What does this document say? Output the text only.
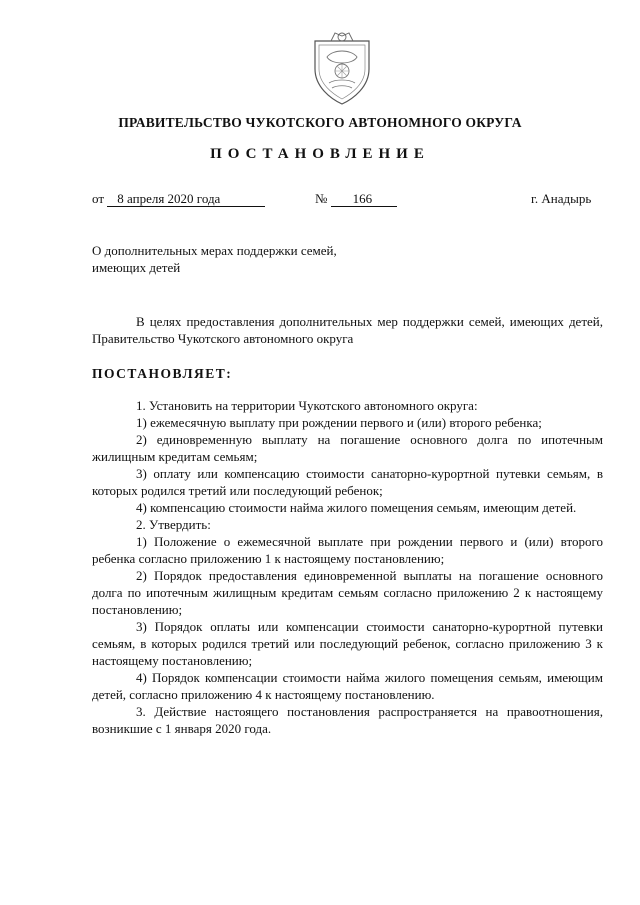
ПРАВИТЕЛЬСТВО ЧУКОТСКОГО АВТОНОМНОГО ОКРУГА
ПОСТАНОВЛЕНИЕ
от 8 апреля 2020 года	№ 166	г. Анадырь
О дополнительных мерах поддержки семей,
имеющих детей

В целях предоставления дополнительных мер поддержки семей, имеющих детей, Правительство Чукотского автономного округа

ПОСТАНОВЛЯЕТ:

1. Установить на территории Чукотского автономного округа:

1) ежемесячную выплату при рождении первого и (или) второго ребенка;

2) единовременную выплату на погашение основного долга по ипотечным жилищным кредитам семьям;

3) оплату или компенсацию стоимости санаторно-курортной путевки семьям, в которых родился третий или последующий ребенок;

4) компенсацию стоимости найма жилого помещения семьям, имеющим детей.

2. Утвердить:

1) Положение о ежемесячной выплате при рождении первого и (или) второго ребенка согласно приложению 1 к настоящему постановлению;

2) Порядок предоставления единовременной выплаты на погашение основного долга по ипотечным жилищным кредитам семьям согласно приложению 2 к настоящему постановлению;

3) Порядок оплаты или компенсации стоимости санаторно-курортной путевки семьям, в которых родился третий или последующий ребенок, согласно приложению 3 к настоящему постановлению;

4) Порядок компенсации стоимости найма жилого помещения семьям, имеющим детей, согласно приложению 4 к настоящему постановлению.

3. Действие настоящего постановления распространяется на правоотношения, возникшие с 1 января 2020 года.
